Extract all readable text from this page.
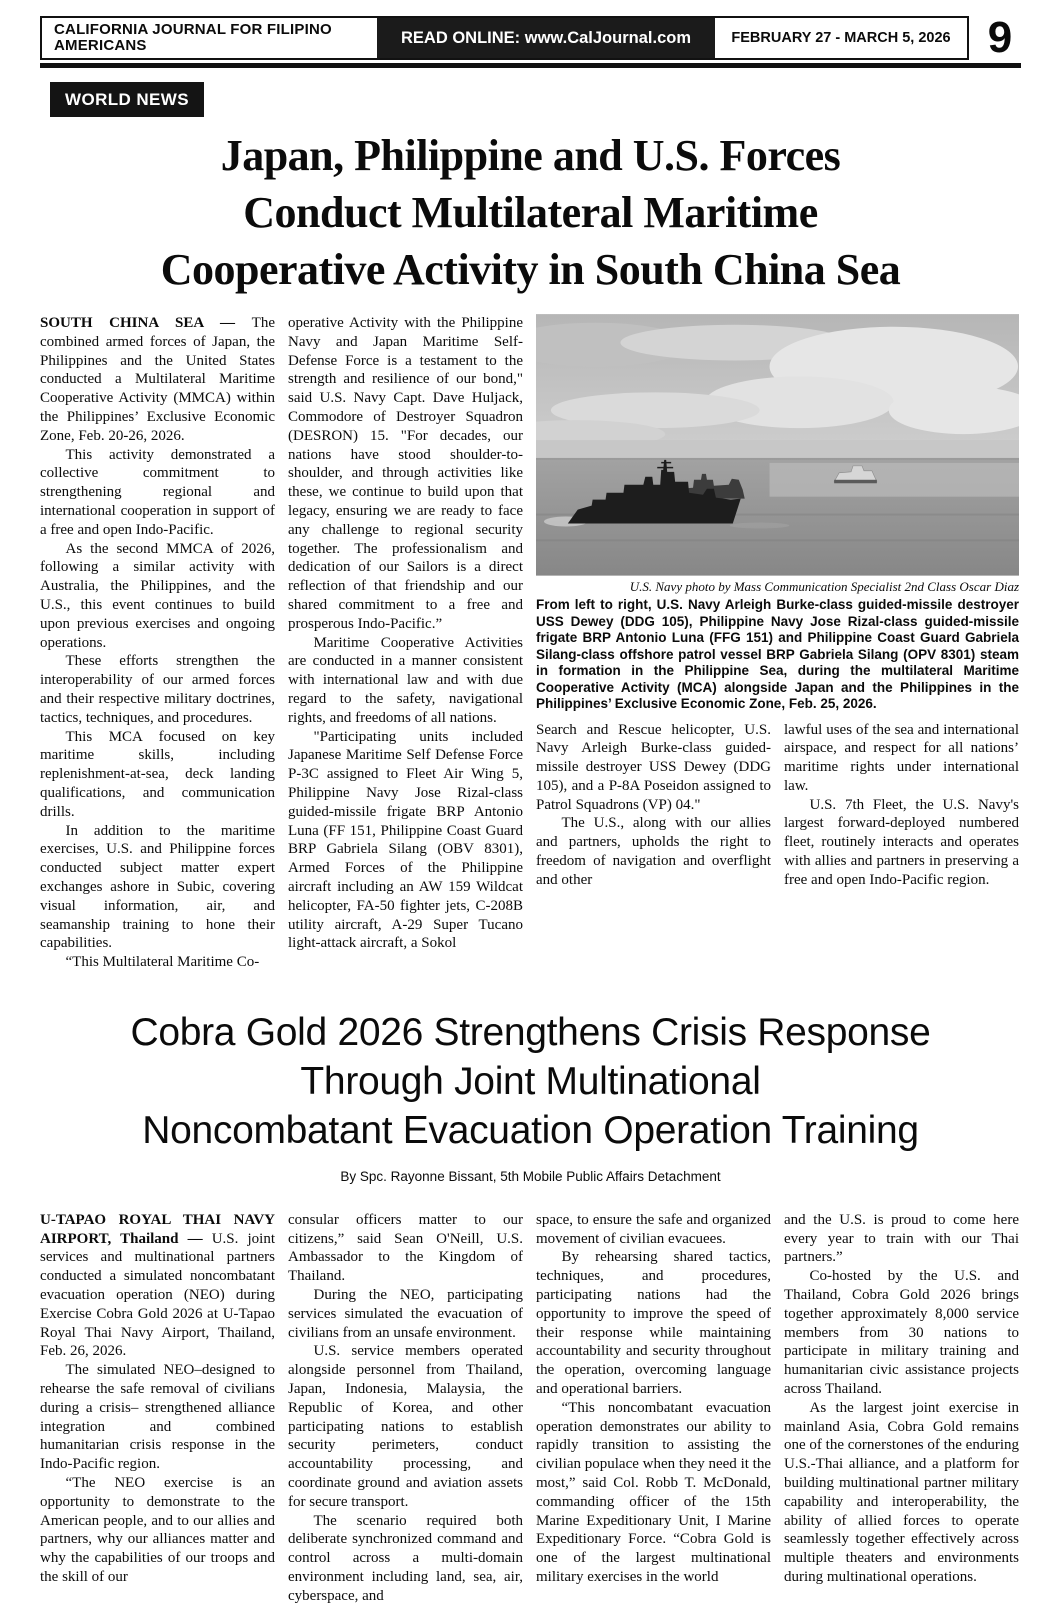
CALIFORNIA JOURNAL FOR FILIPINO AMERICANS	READ ONLINE: www.CalJournal.com	FEBRUARY 27 - MARCH 5, 2026 9
WORLD NEWS
Japan, Philippine and U.S. Forces
Conduct Multilateral Maritime
Cooperative Activity in South China Sea

SOUTH CHINA SEA — The combined armed forces of Japan, the Philippines and the United States conducted a Multilateral Maritime Cooperative Activity (MMCA) within the Philippines’ Exclusive Economic Zone, Feb. 20-26, 2026.

This activity demonstrated a collective commitment to strengthening regional and international cooperation in support of a free and open Indo-Pacific.

As the second MMCA of 2026, following a similar activity with Australia, the Philippines, and the U.S., this event continues to build upon previous exercises and ongoing operations.

These efforts strengthen the interoperability of our armed forces and their respective military doctrines, tactics, techniques, and procedures.

This MCA focused on key maritime skills, including replenishment-at-sea, deck landing qualifications, and communication drills.

In addition to the maritime exercises, U.S. and Philippine forces conducted subject matter expert exchanges ashore in Subic, covering visual information, air, and seamanship training to hone their capabilities.

“This Multilateral Maritime Co-

operative Activity with the Philippine Navy and Japan Maritime Self-Defense Force is a testament to the strength and resilience of our bond," said U.S. Navy Capt. Dave Huljack, Commodore of Destroyer Squadron (DESRON) 15. "For decades, our nations have stood shoulder-to-shoulder, and through activities like these, we continue to build upon that legacy, ensuring we are ready to face any challenge to regional security together. The professionalism and dedication of our Sailors is a direct reflection of that friendship and our shared commitment to a free and prosperous Indo-Pacific.”

Maritime Cooperative Activities are conducted in a manner consistent with international law and with due regard to the safety, navigational rights, and freedoms of all nations.

"Participating units included Japanese Maritime Self Defense Force P-3C assigned to Fleet Air Wing 5, Philippine Navy Jose Rizal-class guided-missile frigate BRP Antonio Luna (FF 151, Philippine Coast Guard BRP Gabriela Silang (OBV 8301), Armed Forces of the Philippine aircraft including an AW 159 Wildcat helicopter, FA-50 fighter jets, C-208B utility aircraft, A-29 Super Tucano light-attack aircraft, a Sokol

U.S. Navy photo by Mass Communication Specialist 2nd Class Oscar Diaz
From left to right, U.S. Navy Arleigh Burke-class guided-missile destroyer USS Dewey (DDG 105), Philippine Navy Jose Rizal-class guided-missile frigate BRP Antonio Luna (FFG 151) and Philippine Coast Guard Gabriela Silang-class offshore patrol vessel BRP Gabriela Silang (OPV 8301) steam in formation in the Philippine Sea, during the multilateral Maritime Cooperative Activity (MCA) alongside Japan and the Philippines in the Philippines’ Exclusive Economic Zone, Feb. 25, 2026.

Search and Rescue helicopter, U.S. Navy Arleigh Burke-class guided-missile destroyer USS Dewey (DDG 105), and a P-8A Poseidon assigned to Patrol Squadrons (VP) 04."

The U.S., along with our allies and partners, upholds the right to freedom of navigation and overflight and other

lawful uses of the sea and international airspace, and respect for all nations’ maritime rights under international law.

U.S. 7th Fleet, the U.S. Navy's largest forward-deployed numbered fleet, routinely interacts and operates with allies and partners in preserving a free and open Indo-Pacific region.

Cobra Gold 2026 Strengthens Crisis Response
Through Joint Multinational
Noncombatant Evacuation Operation Training
By Spc. Rayonne Bissant, 5th Mobile Public Affairs Detachment

U-TAPAO ROYAL THAI NAVY AIRPORT, Thailand — U.S. joint services and multinational partners conducted a simulated noncombatant evacuation operation (NEO) during Exercise Cobra Gold 2026 at U-Tapao Royal Thai Navy Airport, Thailand, Feb. 26, 2026.

The simulated NEO–designed to rehearse the safe removal of civilians during a crisis– strengthened alliance integration and combined humanitarian crisis response in the Indo-Pacific region.

“The NEO exercise is an opportunity to demonstrate to the American people, and to our allies and partners, why our alliances matter and why the capabilities of our troops and the skill of our

consular officers matter to our citizens,” said Sean O'Neill, U.S. Ambassador to the Kingdom of Thailand.

During the NEO, participating services simulated the evacuation of civilians from an unsafe environment.

U.S. service members operated alongside personnel from Thailand, Japan, Indonesia, Malaysia, the Republic of Korea, and other participating nations to establish security perimeters, conduct accountability processing, and coordinate ground and aviation assets for secure transport.

The scenario required both deliberate synchronized command and control across a multi-domain environment including land, sea, air, cyberspace, and

space, to ensure the safe and organized movement of civilian evacuees.

By rehearsing shared tactics, techniques, and procedures, participating nations had the opportunity to improve the speed of their response while maintaining accountability and security throughout the operation, overcoming language and operational barriers.

“This noncombatant evacuation operation demonstrates our ability to rapidly transition to assisting the civilian populace when they need it the most,” said Col. Robb T. McDonald, commanding officer of the 15th Marine Expeditionary Unit, I Marine Expeditionary Force. “Cobra Gold is one of the largest multinational military exercises in the world

and the U.S. is proud to come here every year to train with our Thai partners.”

Co-hosted by the U.S. and Thailand, Cobra Gold 2026 brings together approximately 8,000 service members from 30 nations to participate in military training and humanitarian civic assistance projects across Thailand.

As the largest joint exercise in mainland Asia, Cobra Gold remains one of the cornerstones of the enduring U.S.-Thai alliance, and a platform for building multinational partner military capability and interoperability, the ability of allied forces to operate seamlessly together effectively across multiple theaters and environments during multinational operations.
